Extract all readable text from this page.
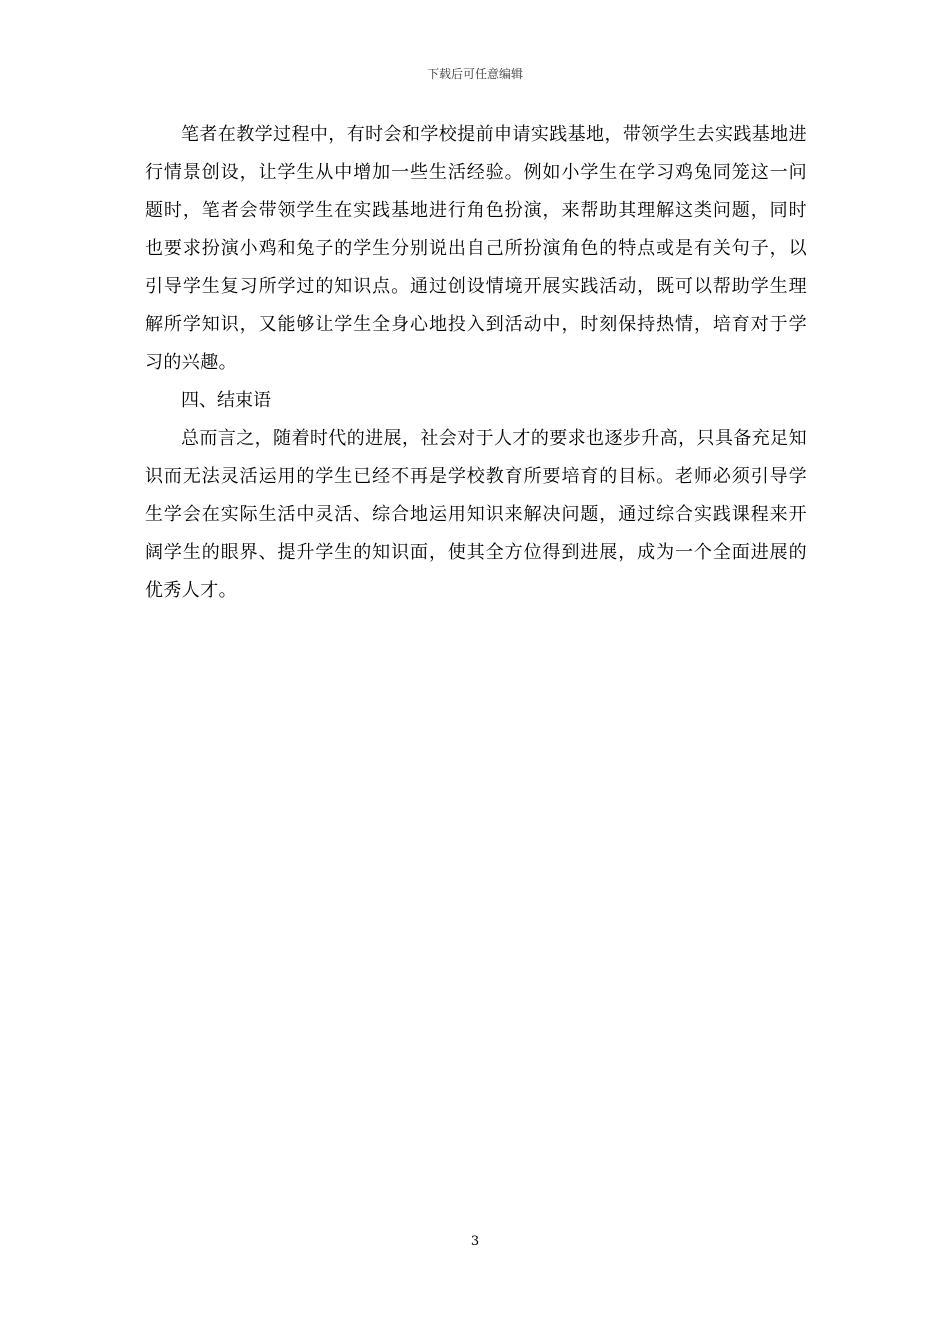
下载后可任意编辑

笔者在教学过程中，有时会和学校提前申请实践基地，带领学生去实践基地进行情景创设，让学生从中增加一些生活经验。例如小学生在学习鸡兔同笼这一问题时，笔者会带领学生在实践基地进行角色扮演，来帮助其理解这类问题，同时也要求扮演小鸡和兔子的学生分别说出自己所扮演角色的特点或是有关句子，以引导学生复习所学过的知识点。通过创设情境开展实践活动，既可以帮助学生理解所学知识，又能够让学生全身心地投入到活动中，时刻保持热情，培育对于学习的兴趣。

四、结束语

总而言之，随着时代的进展，社会对于人才的要求也逐步升高，只具备充足知识而无法灵活运用的学生已经不再是学校教育所要培育的目标。老师必须引导学生学会在实际生活中灵活、综合地运用知识来解决问题，通过综合实践课程来开阔学生的眼界、提升学生的知识面，使其全方位得到进展，成为一个全面进展的优秀人才。

3
